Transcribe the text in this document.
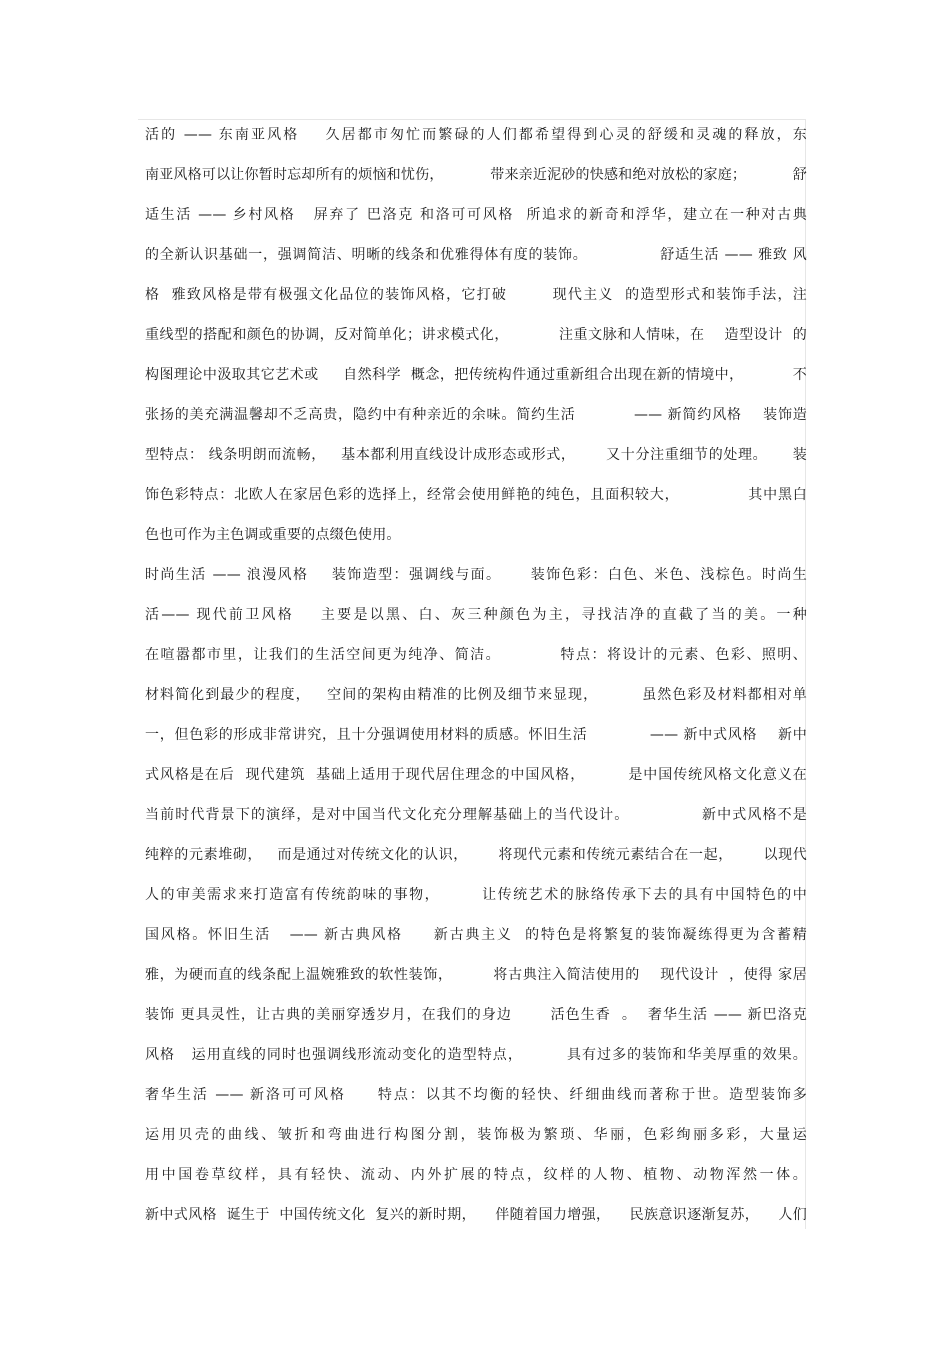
活的 —— 东南亚风格    久居都市匆忙而繁碌的人们都希望得到心灵的舒缓和灵魂的释放，东
南亚风格可以让你暂时忘却所有的烦恼和忧伤，          带来亲近泥砂的快感和绝对放松的家庭；          舒
适生活 —— 乡村风格   屏弃了 巴洛克 和洛可可风格  所追求的新奇和浮华，建立在一种对古典
的全新认识基础一，强调简洁、明晰的线条和优雅得体有度的装饰。              舒适生活 —— 雅致 风
格  雅致风格是带有极强文化品位的装饰风格，它打破        现代主义  的造型形式和装饰手法，注
重线型的搭配和颜色的协调，反对简单化；讲求模式化，          注重文脉和人情味，在    造型设计  的
构图理论中汲取其它艺术或     自然科学  概念，把传统构件通过重新组合出现在新的情境中，          不
张扬的美充满温馨却不乏高贵，隐约中有种亲近的余味。简约生活           —— 新简约风格    装饰造
型特点： 线条明朗而流畅，   基本都利用直线设计成形态或形式，      又十分注重细节的处理。     装
饰色彩特点：北欧人在家居色彩的选择上，经常会使用鲜艳的纯色，且面积较大，             其中黑白
色也可作为主色调或重要的点缀色使用。
时尚生活 —— 浪漫风格    装饰造型：强调线与面。     装饰色彩：白色、米色、浅棕色。时尚生
活—— 现代前卫风格    主要是以黑、白、灰三种颜色为主，寻找洁净的直截了当的美。一种
在喧嚣都市里，让我们的生活空间更为纯净、简洁。          特点：将设计的元素、色彩、照明、
材料简化到最少的程度，   空间的架构由精准的比例及细节来显现，        虽然色彩及材料都相对单
一，但色彩的形成非常讲究，且十分强调使用材料的质感。怀旧生活            —— 新中式风格    新中
式风格是在后  现代建筑  基础上适用于现代居住理念的中国风格，        是中国传统风格文化意义在
当前时代背景下的演绎，是对中国当代文化充分理解基础上的当代设计。             新中式风格不是
纯粹的元素堆砌，   而是通过对传统文化的认识，      将现代元素和传统元素结合在一起，      以现代
人的审美需求来打造富有传统韵味的事物，       让传统艺术的脉络传承下去的具有中国特色的中
国风格。怀旧生活   —— 新古典风格     新古典主义  的特色是将繁复的装饰凝练得更为含蓄精
雅，为硬而直的线条配上温婉雅致的软性装饰，        将古典注入简洁使用的    现代设计  ，使得 家居
装饰 更具灵性，让古典的美丽穿透岁月，在我们的身边       活色生香  。  奢华生活 —— 新巴洛克
风格   运用直线的同时也强调线形流动变化的造型特点，        具有过多的装饰和华美厚重的效果。
奢华生活 —— 新洛可可风格     特点：以其不均衡的轻快、纤细曲线而著称于世。造型装饰多
运用贝壳的曲线、皱折和弯曲进行构图分割，装饰极为繁琐、华丽，色彩绚丽多彩，大量运
用中国卷草纹样，具有轻快、流动、内外扩展的特点，纹样的人物、植物、动物浑然一体。
新中式风格  诞生于  中国传统文化  复兴的新时期，    伴随着国力增强，    民族意识逐渐复苏，    人们
